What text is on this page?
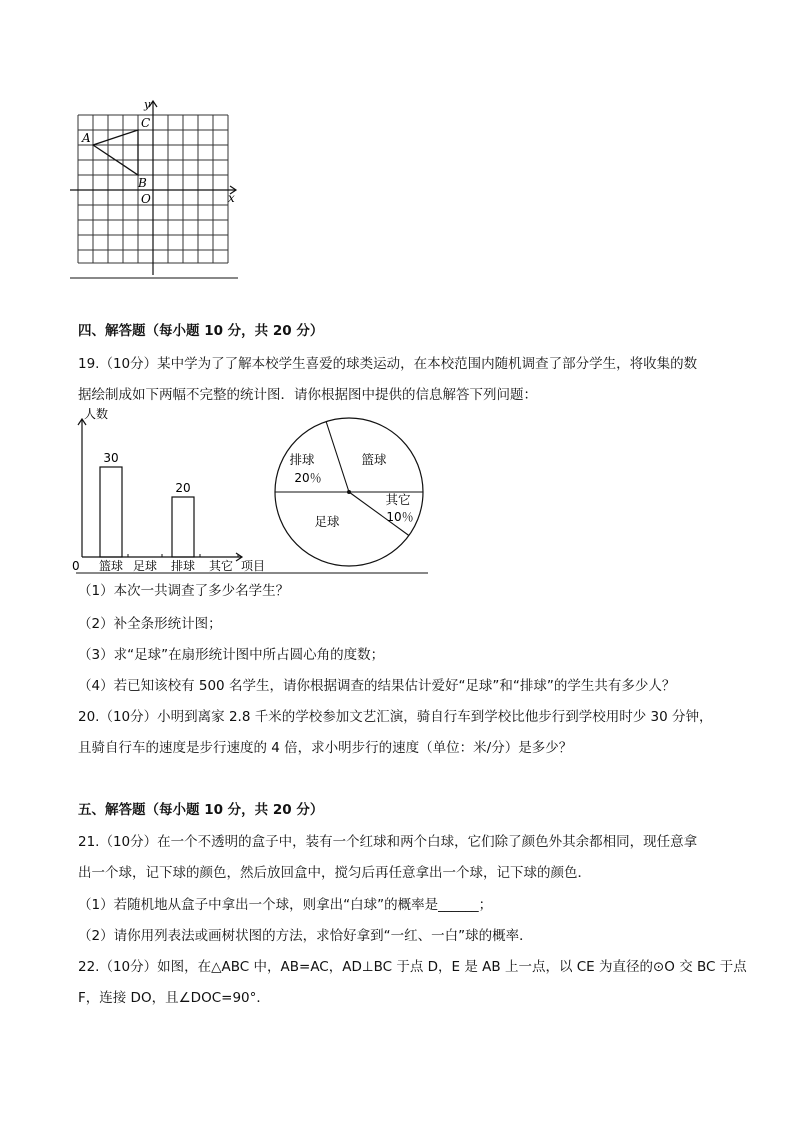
y
x
A
C
B
O
四、解答题（每小题 10 分，共 20 分）
19.（10分）某中学为了了解本校学生喜爱的球类运动，在本校范围内随机调查了部分学生，将收集的数
据绘制成如下两幅不完整的统计图．请你根据图中提供的信息解答下列问题：
人数
0	项目
30
篮球 足球
20
排球 其它
篮球
排球
20％
其它
10％
足球
（1）本次一共调查了多少名学生？
（2）补全条形统计图；
（3）求“足球”在扇形统计图中所占圆心角的度数；
（4）若已知该校有 500 名学生，请你根据调查的结果估计爱好“足球”和“排球”的学生共有多少人？
20.（10分）小明到离家 2.8 千米的学校参加文艺汇演，骑自行车到学校比他步行到学校用时少 30 分钟，
且骑自行车的速度是步行速度的 4 倍，求小明步行的速度（单位：米/分）是多少？
五、解答题（每小题 10 分，共 20 分）
21.（10分）在一个不透明的盒子中，装有一个红球和两个白球，它们除了颜色外其余都相同，现任意拿
出一个球，记下球的颜色，然后放回盒中，搅匀后再任意拿出一个球，记下球的颜色．
（1）若随机地从盒子中拿出一个球，则拿出“白球”的概率是______；
（2）请你用列表法或画树状图的方法，求恰好拿到“一红、一白”球的概率．
22.（10分）如图，在△ABC 中，AB=AC，AD⊥BC 于点 D，E 是 AB 上一点，以 CE 为直径的⊙O 交 BC 于点
F，连接 DO，且∠DOC=90°．
